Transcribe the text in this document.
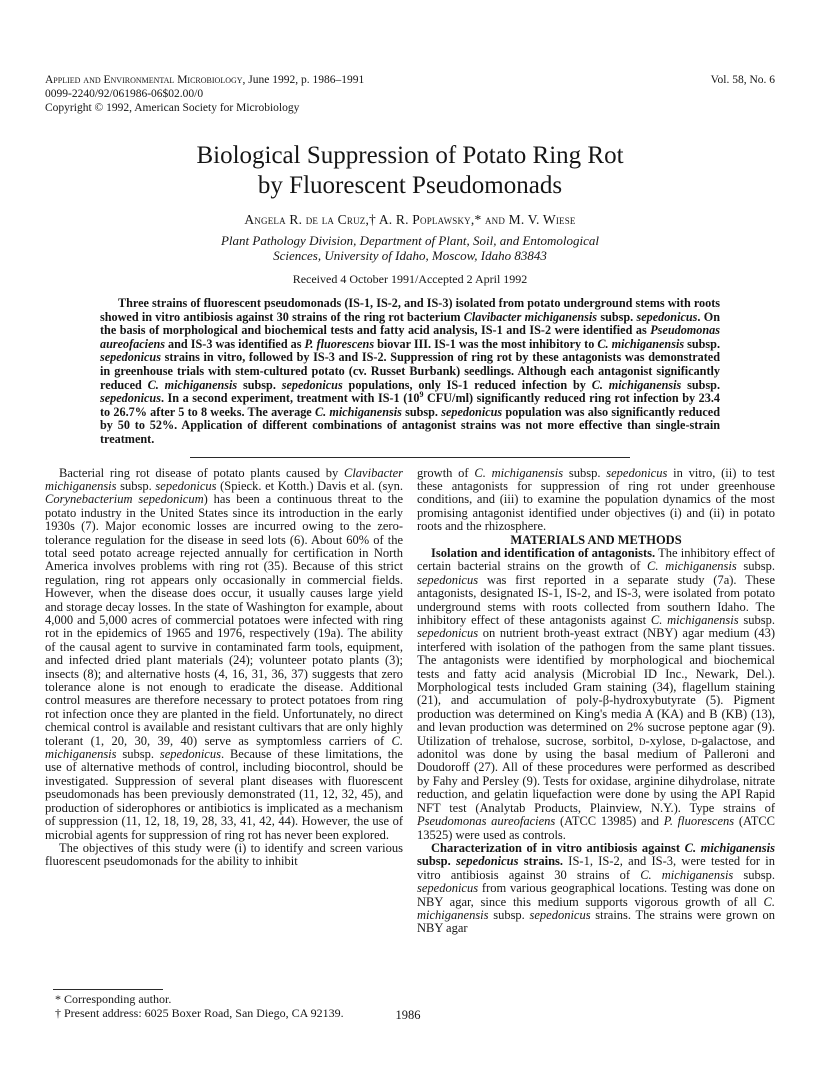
Applied and Environmental Microbiology, June 1992, p. 1986–1991
0099-2240/92/061986-06$02.00/0
Copyright © 1992, American Society for Microbiology
Vol. 58, No. 6
Biological Suppression of Potato Ring Rot
by Fluorescent Pseudomonads
Angela R. de la Cruz,† A. R. Poplawsky,* and M. V. Wiese
Plant Pathology Division, Department of Plant, Soil, and Entomological
Sciences, University of Idaho, Moscow, Idaho 83843
Received 4 October 1991/Accepted 2 April 1992
Three strains of fluorescent pseudomonads (IS-1, IS-2, and IS-3) isolated from potato underground stems with roots showed in vitro antibiosis against 30 strains of the ring rot bacterium Clavibacter michiganensis subsp. sepedonicus. On the basis of morphological and biochemical tests and fatty acid analysis, IS-1 and IS-2 were identified as Pseudomonas aureofaciens and IS-3 was identified as P. fluorescens biovar III. IS-1 was the most inhibitory to C. michiganensis subsp. sepedonicus strains in vitro, followed by IS-3 and IS-2. Suppression of ring rot by these antagonists was demonstrated in greenhouse trials with stem-cultured potato (cv. Russet Burbank) seedlings. Although each antagonist significantly reduced C. michiganensis subsp. sepedonicus populations, only IS-1 reduced infection by C. michiganensis subsp. sepedonicus. In a second experiment, treatment with IS-1 ($10^9$ CFU/ml) significantly reduced ring rot infection by 23.4 to 26.7% after 5 to 8 weeks. The average C. michiganensis subsp. sepedonicus population was also significantly reduced by 50 to 52%. Application of different combinations of antagonist strains was not more effective than single-strain treatment.

Bacterial ring rot disease of potato plants caused by Clavibacter michiganensis subsp. sepedonicus (Spieck. et Kotth.) Davis et al. (syn. Corynebacterium sepedonicum) has been a continuous threat to the potato industry in the United States since its introduction in the early 1930s (7). Major economic losses are incurred owing to the zero-tolerance regulation for the disease in seed lots (6). About 60% of the total seed potato acreage rejected annually for certification in North America involves problems with ring rot (35). Because of this strict regulation, ring rot appears only occasionally in commercial fields. However, when the disease does occur, it usually causes large yield and storage decay losses. In the state of Washington for example, about 4,000 and 5,000 acres of commercial potatoes were infected with ring rot in the epidemics of 1965 and 1976, respectively (19a). The ability of the causal agent to survive in contaminated farm tools, equipment, and infected dried plant materials (24); volunteer potato plants (3); insects (8); and alternative hosts (4, 16, 31, 36, 37) suggests that zero tolerance alone is not enough to eradicate the disease. Additional control measures are therefore necessary to protect potatoes from ring rot infection once they are planted in the field. Unfortunately, no direct chemical control is available and resistant cultivars that are only highly tolerant (1, 20, 30, 39, 40) serve as symptomless carriers of C. michiganensis subsp. sepedonicus. Because of these limitations, the use of alternative methods of control, including biocontrol, should be investigated. Suppression of several plant diseases with fluorescent pseudomonads has been previously demonstrated (11, 12, 32, 45), and production of siderophores or antibiotics is implicated as a mechanism of suppression (11, 12, 18, 19, 28, 33, 41, 42, 44). However, the use of microbial agents for suppression of ring rot has never been explored.

The objectives of this study were (i) to identify and screen various fluorescent pseudomonads for the ability to inhibit

* Corresponding author.

† Present address: 6025 Boxer Road, San Diego, CA 92139.

growth of C. michiganensis subsp. sepedonicus in vitro, (ii) to test these antagonists for suppression of ring rot under greenhouse conditions, and (iii) to examine the population dynamics of the most promising antagonist identified under objectives (i) and (ii) in potato roots and the rhizosphere.

MATERIALS AND METHODS

Isolation and identification of antagonists. The inhibitory effect of certain bacterial strains on the growth of C. michiganensis subsp. sepedonicus was first reported in a separate study (7a). These antagonists, designated IS-1, IS-2, and IS-3, were isolated from potato underground stems with roots collected from southern Idaho. The inhibitory effect of these antagonists against C. michiganensis subsp. sepedonicus on nutrient broth-yeast extract (NBY) agar medium (43) interfered with isolation of the pathogen from the same plant tissues. The antagonists were identified by morphological and biochemical tests and fatty acid analysis (Microbial ID Inc., Newark, Del.). Morphological tests included Gram staining (34), flagellum staining (21), and accumulation of poly-β-hydroxybutyrate (5). Pigment production was determined on King's media A (KA) and B (KB) (13), and levan production was determined on 2% sucrose peptone agar (9). Utilization of trehalose, sucrose, sorbitol, d-xylose, d-galactose, and adonitol was done by using the basal medium of Palleroni and Doudoroff (27). All of these procedures were performed as described by Fahy and Persley (9). Tests for oxidase, arginine dihydrolase, nitrate reduction, and gelatin liquefaction were done by using the API Rapid NFT test (Analytab Products, Plainview, N.Y.). Type strains of Pseudomonas aureofaciens (ATCC 13985) and P. fluorescens (ATCC 13525) were used as controls.

Characterization of in vitro antibiosis against C. michiganensis subsp. sepedonicus strains. IS-1, IS-2, and IS-3, were tested for in vitro antibiosis against 30 strains of C. michiganensis subsp. sepedonicus from various geographical locations. Testing was done on NBY agar, since this medium supports vigorous growth of all C. michiganensis subsp. sepedonicus strains. The strains were grown on NBY agar

1986
